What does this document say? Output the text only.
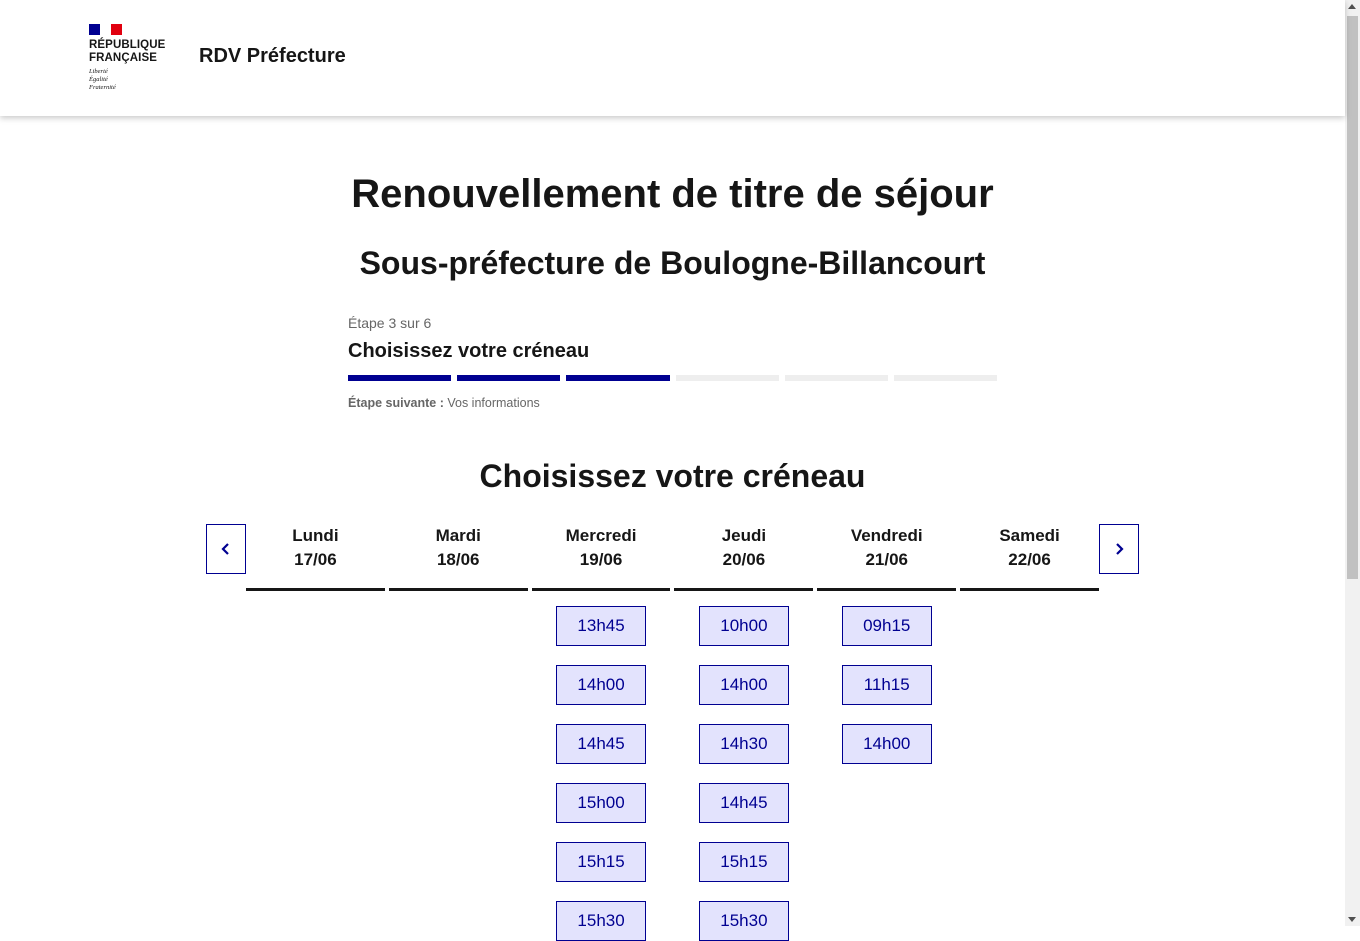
RÉPUBLIQUE
FRANÇAISE
Liberté
Égalité
Fraternité
RDV Préfecture
Renouvellement de titre de séjour
Sous-préfecture de Boulogne-Billancourt
Étape 3 sur 6
Choisissez votre créneau
Étape suivante : Vos informations
Choisissez votre créneau
Lundi
17/06
Mardi
18/06
Mercredi
19/06
13h45
14h00
14h45
15h00
15h15
15h30
Jeudi
20/06
10h00
14h00
14h30
14h45
15h15
15h30
Vendredi
21/06
09h15
11h15
14h00
Samedi
22/06
